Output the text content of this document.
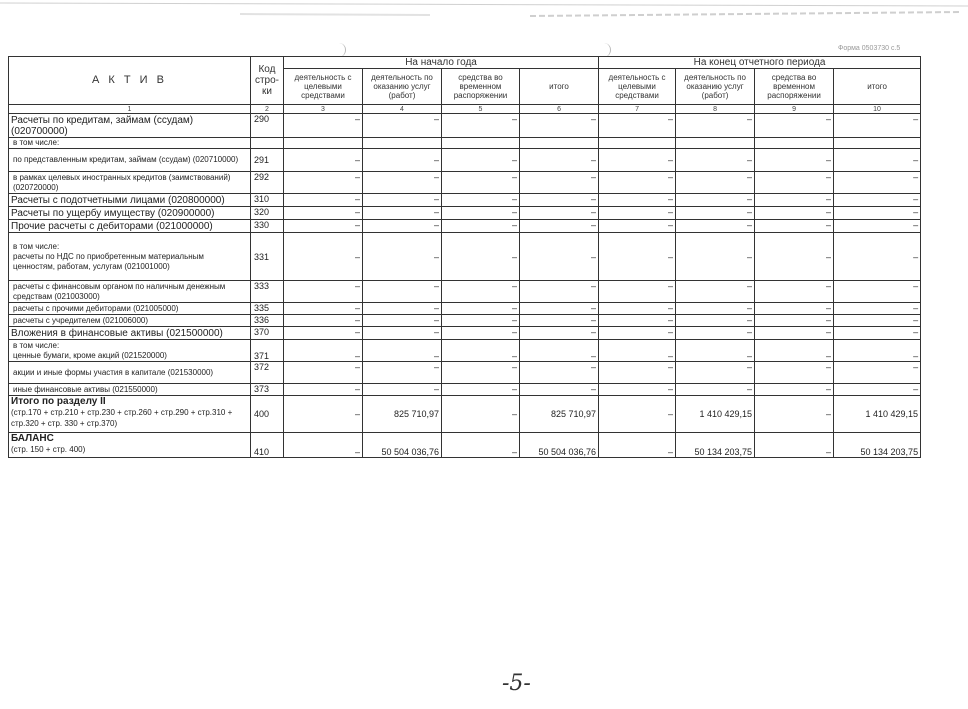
Форма 0503730 с.5
А К Т И В	Код стро-ки	На начало года				На конец отчетного периода			
		деятельность с целевыми средствами	деятельность по оказанию услуг (работ)	средства во временном распоряжении	итого	деятельность с целевыми средствами	деятельность по оказанию услуг (работ)	средства во временном распоряжении	итого
1	2	3	4	5	6	7	8	9	10
Расчеты по кредитам, займам (ссудам) (020700000)	290	–	–	–	–	–	–	–	–
в том числе:									
по представленным кредитам, займам (ссудам) (020710000)	291	–	–	–	–	–	–	–	–
в рамках целевых иностранных кредитов (заимствований) (020720000)	292	–	–	–	–	–	–	–	–
Расчеты с подотчетными лицами (020800000)	310	–	–	–	–	–	–	–	–
Расчеты по ущербу имуществу (020900000)	320	–	–	–	–	–	–	–	–
Прочие расчеты с дебиторами (021000000)	330	–	–	–	–	–	–	–	–

в том числе:
расчеты по НДС по приобретенным материальным ценностям, работам, услугам (021001000)	331	–	–	–	–	–	–	–	–
расчеты с финансовым органом по наличным денежным средствам (021003000)	333	–	–	–	–	–	–	–	–
расчеты с прочими дебиторами (021005000)	335	–	–	–	–	–	–	–	–
расчеты с учредителем (021006000)	336	–	–	–	–	–	–	–	–
Вложения в финансовые активы (021500000)	370	–	–	–	–	–	–	–	–

в том числе:
ценные бумаги, кроме акций (021520000)	371	–	–	–	–	–	–	–	–
акции и иные формы участия в капитале (021530000)	372	–	–	–	–	–	–	–	–
иные финансовые активы (021550000)	373	–	–	–	–	–	–	–	–
Итого по разделу II
(стр.170 + стр.210 + стр.230 + стр.260 + стр.290 + стр.310 + стр.320 + стр. 330 + стр.370)	400	–	825 710,97	–	825 710,97	–	1 410 429,15	–	1 410 429,15
БАЛАНС
(стр. 150 + стр. 400)	410	–	50 504 036,76	–	50 504 036,76	–	50 134 203,75	–	50 134 203,75
-5-
